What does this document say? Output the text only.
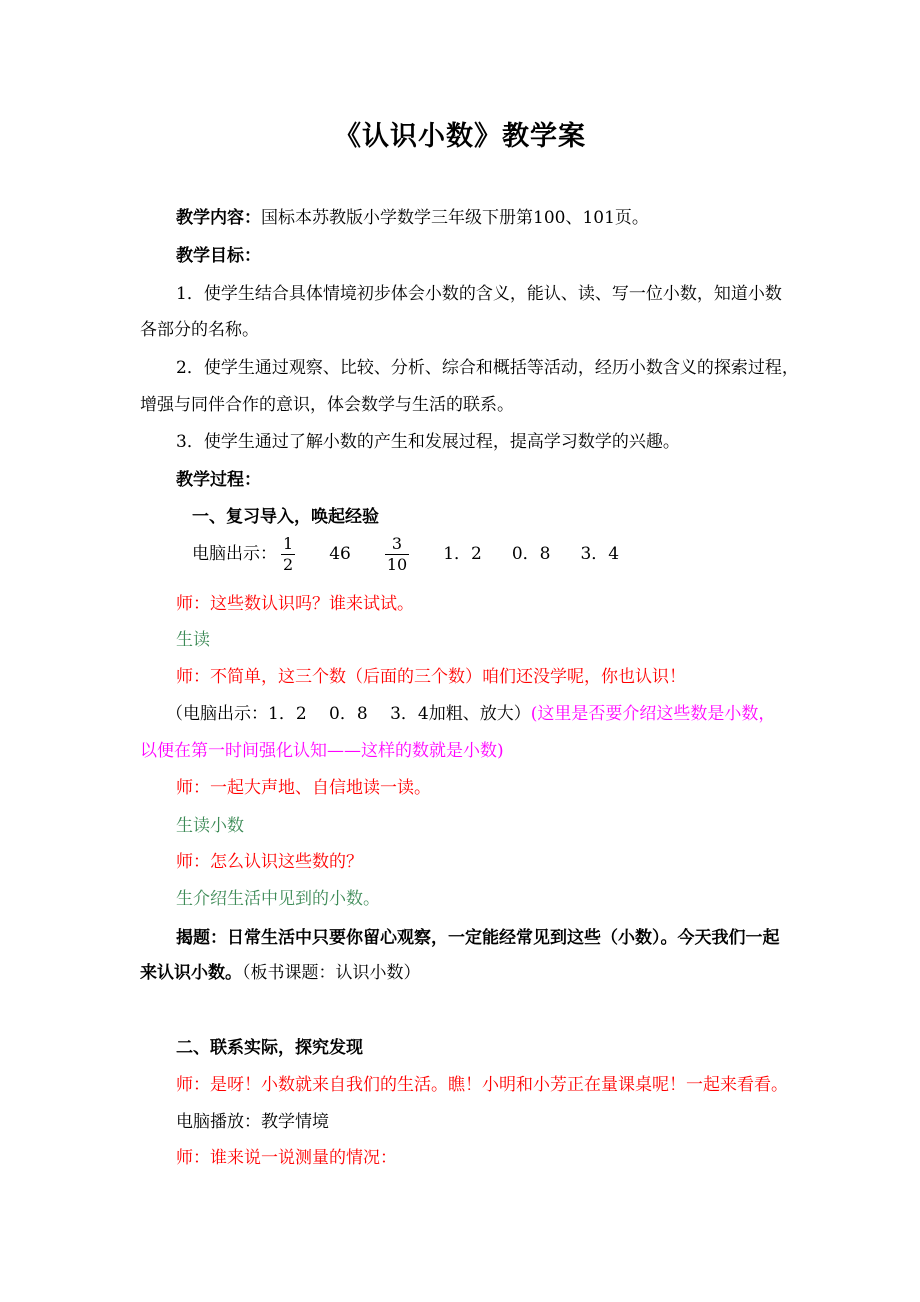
《认识小数》教学案
教学内容：国标本苏教版小学数学三年级下册第100、101页。
教学目标：
1．使学生结合具体情境初步体会小数的含义，能认、读、写一位小数，知道小数
各部分的名称。
2．使学生通过观察、比较、分析、综合和概括等活动，经历小数含义的探索过程，
增强与同伴合作的意识，体会数学与生活的联系。
3．使学生通过了解小数的产生和发展过程，提高学习数学的兴趣。
教学过程：
一、复习导入，唤起经验
电脑出示： $\frac{1}{2} 46 \frac{3}{10} 1$．2 0．8 3．4
师：这些数认识吗？谁来试试。
生读
师：不简单，这三个数（后面的三个数）咱们还没学呢，你也认识！
（电脑出示：1．2　 0．8　 3．4加粗、放大）(这里是否要介绍这些数是小数，
以便在第一时间强化认知——这样的数就是小数)
师：一起大声地、自信地读一读。
生读小数
师：怎么认识这些数的？
生介绍生活中见到的小数。
揭题：日常生活中只要你留心观察，一定能经常见到这些（小数）。今天我们一起
来认识小数。（板书课题：认识小数）
二、联系实际，探究发现
师：是呀！小数就来自我们的生活。瞧！小明和小芳正在量课桌呢！一起来看看。
电脑播放：教学情境
师：谁来说一说测量的情况：
